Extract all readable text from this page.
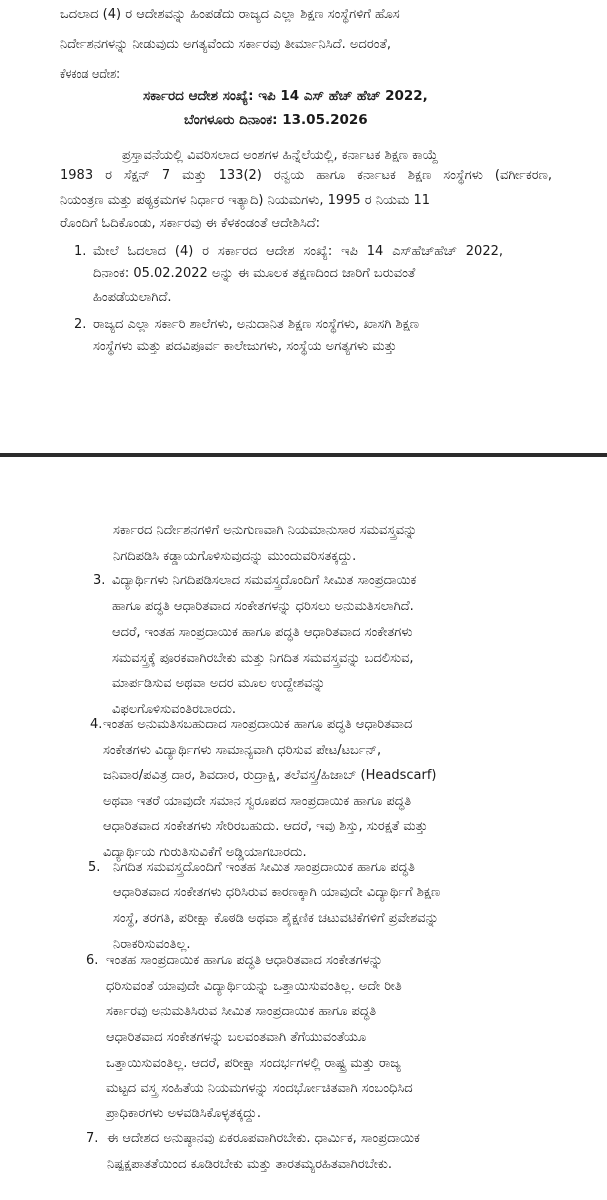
ಒದಲಾದ (4) ರ ಆದೇಶವನ್ನು ಹಿಂಪಡೆದು ರಾಜ್ಯದ ಎಲ್ಲಾ ಶಿಕ್ಷಣ ಸಂಸ್ಥೆಗಳಿಗೆ ಹೊಸ
ನಿರ್ದೇಶನಗಳನ್ನು ನೀಡುವುದು ಅಗತ್ಯವೆಂದು ಸರ್ಕಾರವು ತೀರ್ಮಾನಿಸಿದೆ. ಅದರಂತೆ,
ಕೆಳಕಂಡ ಆದೇಶ:
ಸರ್ಕಾರದ ಆದೇಶ ಸಂಖ್ಯೆ: ಇಪಿ 14 ಎಸ್ ಹೆಚ್ ಹೆಚ್ 2022,
ಬೆಂಗಳೂರು ದಿನಾಂಕ: 13.05.2026
ಪ್ರಸ್ತಾವನೆಯಲ್ಲಿ ವಿವರಿಸಲಾದ ಅಂಶಗಳ ಹಿನ್ನೆಲೆಯಲ್ಲಿ, ಕರ್ನಾಟಕ ಶಿಕ್ಷಣ ಕಾಯ್ದೆ
1983 ರ ಸೆಕ್ಷನ್ 7 ಮತ್ತು 133(2) ರನ್ವಯ ಹಾಗೂ ಕರ್ನಾಟಕ ಶಿಕ್ಷಣ ಸಂಸ್ಥೆಗಳು (ವರ್ಗೀಕರಣ,
ನಿಯಂತ್ರಣ ಮತ್ತು ಪಠ್ಯಕ್ರಮಗಳ ನಿರ್ಧಾರ ಇತ್ಯಾದಿ) ನಿಯಮಗಳು, 1995 ರ ನಿಯಮ 11
ರೊಂದಿಗೆ ಓದಿಕೊಂಡು, ಸರ್ಕಾರವು ಈ ಕೆಳಕಂಡಂತೆ ಆದೇಶಿಸಿದೆ:
1. ಮೇಲೆ ಓದಲಾದ (4) ರ ಸರ್ಕಾರದ ಆದೇಶ ಸಂಖ್ಯೆ: ಇಪಿ 14 ಎಸ್‌ಹೆಚ್‌ಹೆಚ್ 2022,
ದಿನಾಂಕ: 05.02.2022 ಅನ್ನು ಈ ಮೂಲಕ ತಕ್ಷಣದಿಂದ ಜಾರಿಗೆ ಬರುವಂತೆ
ಹಿಂಪಡೆಯಲಾಗಿದೆ.
2. ರಾಜ್ಯದ ಎಲ್ಲಾ ಸರ್ಕಾರಿ ಶಾಲೆಗಳು, ಅನುದಾನಿತ ಶಿಕ್ಷಣ ಸಂಸ್ಥೆಗಳು, ಖಾಸಗಿ ಶಿಕ್ಷಣ
ಸಂಸ್ಥೆಗಳು ಮತ್ತು ಪದವಿಪೂರ್ವ ಕಾಲೇಜುಗಳು, ಸಂಸ್ಥೆಯ ಅಗತ್ಯಗಳು ಮತ್ತು
ಸರ್ಕಾರದ ನಿರ್ದೇಶನಗಳಿಗೆ ಅನುಗುಣವಾಗಿ ನಿಯಮಾನುಸಾರ ಸಮವಸ್ತ್ರವನ್ನು
ನಿಗದಿಪಡಿಸಿ ಕಡ್ಡಾಯಗೊಳಿಸುವುದನ್ನು ಮುಂದುವರಿಸತಕ್ಕದ್ದು.
3. ವಿದ್ಯಾರ್ಥಿಗಳು ನಿಗದಿಪಡಿಸಲಾದ ಸಮವಸ್ತ್ರದೊಂದಿಗೆ ಸೀಮಿತ ಸಾಂಪ್ರದಾಯಿಕ
ಹಾಗೂ ಪದ್ಧತಿ ಆಧಾರಿತವಾದ ಸಂಕೇತಗಳನ್ನು ಧರಿಸಲು ಅನುಮತಿಸಲಾಗಿದೆ.
ಆದರೆ, ಇಂತಹ ಸಾಂಪ್ರದಾಯಿಕ ಹಾಗೂ ಪದ್ಧತಿ ಆಧಾರಿತವಾದ ಸಂಕೇತಗಳು
ಸಮವಸ್ತ್ರಕ್ಕೆ ಪೂರಕವಾಗಿರಬೇಕು ಮತ್ತು ನಿಗದಿತ ಸಮವಸ್ತ್ರವನ್ನು ಬದಲಿಸುವ,
ಮಾರ್ಪಡಿಸುವ ಅಥವಾ ಅದರ ಮೂಲ ಉದ್ದೇಶವನ್ನು
ವಿಫಲಗೊಳಿಸುವಂತಿರಬಾರದು.
4. ಇಂತಹ ಅನುಮತಿಸಬಹುದಾದ ಸಾಂಪ್ರದಾಯಿಕ ಹಾಗೂ ಪದ್ಧತಿ ಆಧಾರಿತವಾದ
ಸಂಕೇತಗಳು ವಿದ್ಯಾರ್ಥಿಗಳು ಸಾಮಾನ್ಯವಾಗಿ ಧರಿಸುವ ಪೇಟ/ಟರ್ಬನ್,
ಜನಿವಾರ/ಪವಿತ್ರ ದಾರ, ಶಿವದಾರ, ರುದ್ರಾಕ್ಷಿ, ತಲೆವಸ್ತ್ರ/ಹಿಜಾಬ್ (Headscarf)
ಅಥವಾ ಇತರೆ ಯಾವುದೇ ಸಮಾನ ಸ್ವರೂಪದ ಸಾಂಪ್ರದಾಯಿಕ ಹಾಗೂ ಪದ್ಧತಿ
ಆಧಾರಿತವಾದ ಸಂಕೇತಗಳು ಸೇರಿರಬಹುದು. ಆದರೆ, ಇವು ಶಿಸ್ತು, ಸುರಕ್ಷತೆ ಮತ್ತು
ವಿದ್ಯಾರ್ಥಿಯ ಗುರುತಿಸುವಿಕೆಗೆ ಅಡ್ಡಿಯಾಗಬಾರದು.
5. ನಿಗದಿತ ಸಮವಸ್ತ್ರದೊಂದಿಗೆ ಇಂತಹ ಸೀಮಿತ ಸಾಂಪ್ರದಾಯಿಕ ಹಾಗೂ ಪದ್ಧತಿ
ಆಧಾರಿತವಾದ ಸಂಕೇತಗಳು ಧರಿಸಿರುವ ಕಾರಣಕ್ಕಾಗಿ ಯಾವುದೇ ವಿದ್ಯಾರ್ಥಿಗೆ ಶಿಕ್ಷಣ
ಸಂಸ್ಥೆ, ತರಗತಿ, ಪರೀಕ್ಷಾ ಕೊಠಡಿ ಅಥವಾ ಶೈಕ್ಷಣಿಕ ಚಟುವಟಿಕೆಗಳಿಗೆ ಪ್ರವೇಶವನ್ನು
ನಿರಾಕರಿಸುವಂತಿಲ್ಲ.
6. ಇಂತಹ ಸಾಂಪ್ರದಾಯಿಕ ಹಾಗೂ ಪದ್ಧತಿ ಆಧಾರಿತವಾದ ಸಂಕೇತಗಳನ್ನು
ಧರಿಸುವಂತೆ ಯಾವುದೇ ವಿದ್ಯಾರ್ಥಿಯನ್ನು ಒತ್ತಾಯಿಸುವಂತಿಲ್ಲ. ಅದೇ ರೀತಿ
ಸರ್ಕಾರವು ಅನುಮತಿಸಿರುವ ಸೀಮಿತ ಸಾಂಪ್ರದಾಯಿಕ ಹಾಗೂ ಪದ್ಧತಿ
ಆಧಾರಿತವಾದ ಸಂಕೇತಗಳನ್ನು ಬಲವಂತವಾಗಿ ತೆಗೆಯುವಂತೆಯೂ
ಒತ್ತಾಯಿಸುವಂತಿಲ್ಲ. ಆದರೆ, ಪರೀಕ್ಷಾ ಸಂದರ್ಭಗಳಲ್ಲಿ ರಾಷ್ಟ್ರ ಮತ್ತು ರಾಜ್ಯ
ಮಟ್ಟದ ವಸ್ತ್ರ ಸಂಹಿತೆಯ ನಿಯಮಗಳನ್ನು ಸಂದರ್ಭೋಚಿತವಾಗಿ ಸಂಬಂಧಿಸಿದ
ಪ್ರಾಧಿಕಾರಗಳು ಅಳವಡಿಸಿಕೊಳ್ಳತಕ್ಕದ್ದು.
7. ಈ ಆದೇಶದ ಅನುಷ್ಠಾನವು ಏಕರೂಪವಾಗಿರಬೇಕು. ಧಾರ್ಮಿಕ, ಸಾಂಪ್ರದಾಯಿಕ
ನಿಷ್ಪಕ್ಷಪಾತತೆಯಿಂದ ಕೂಡಿರಬೇಕು ಮತ್ತು ತಾರತಮ್ಯರಹಿತವಾಗಿರಬೇಕು.
